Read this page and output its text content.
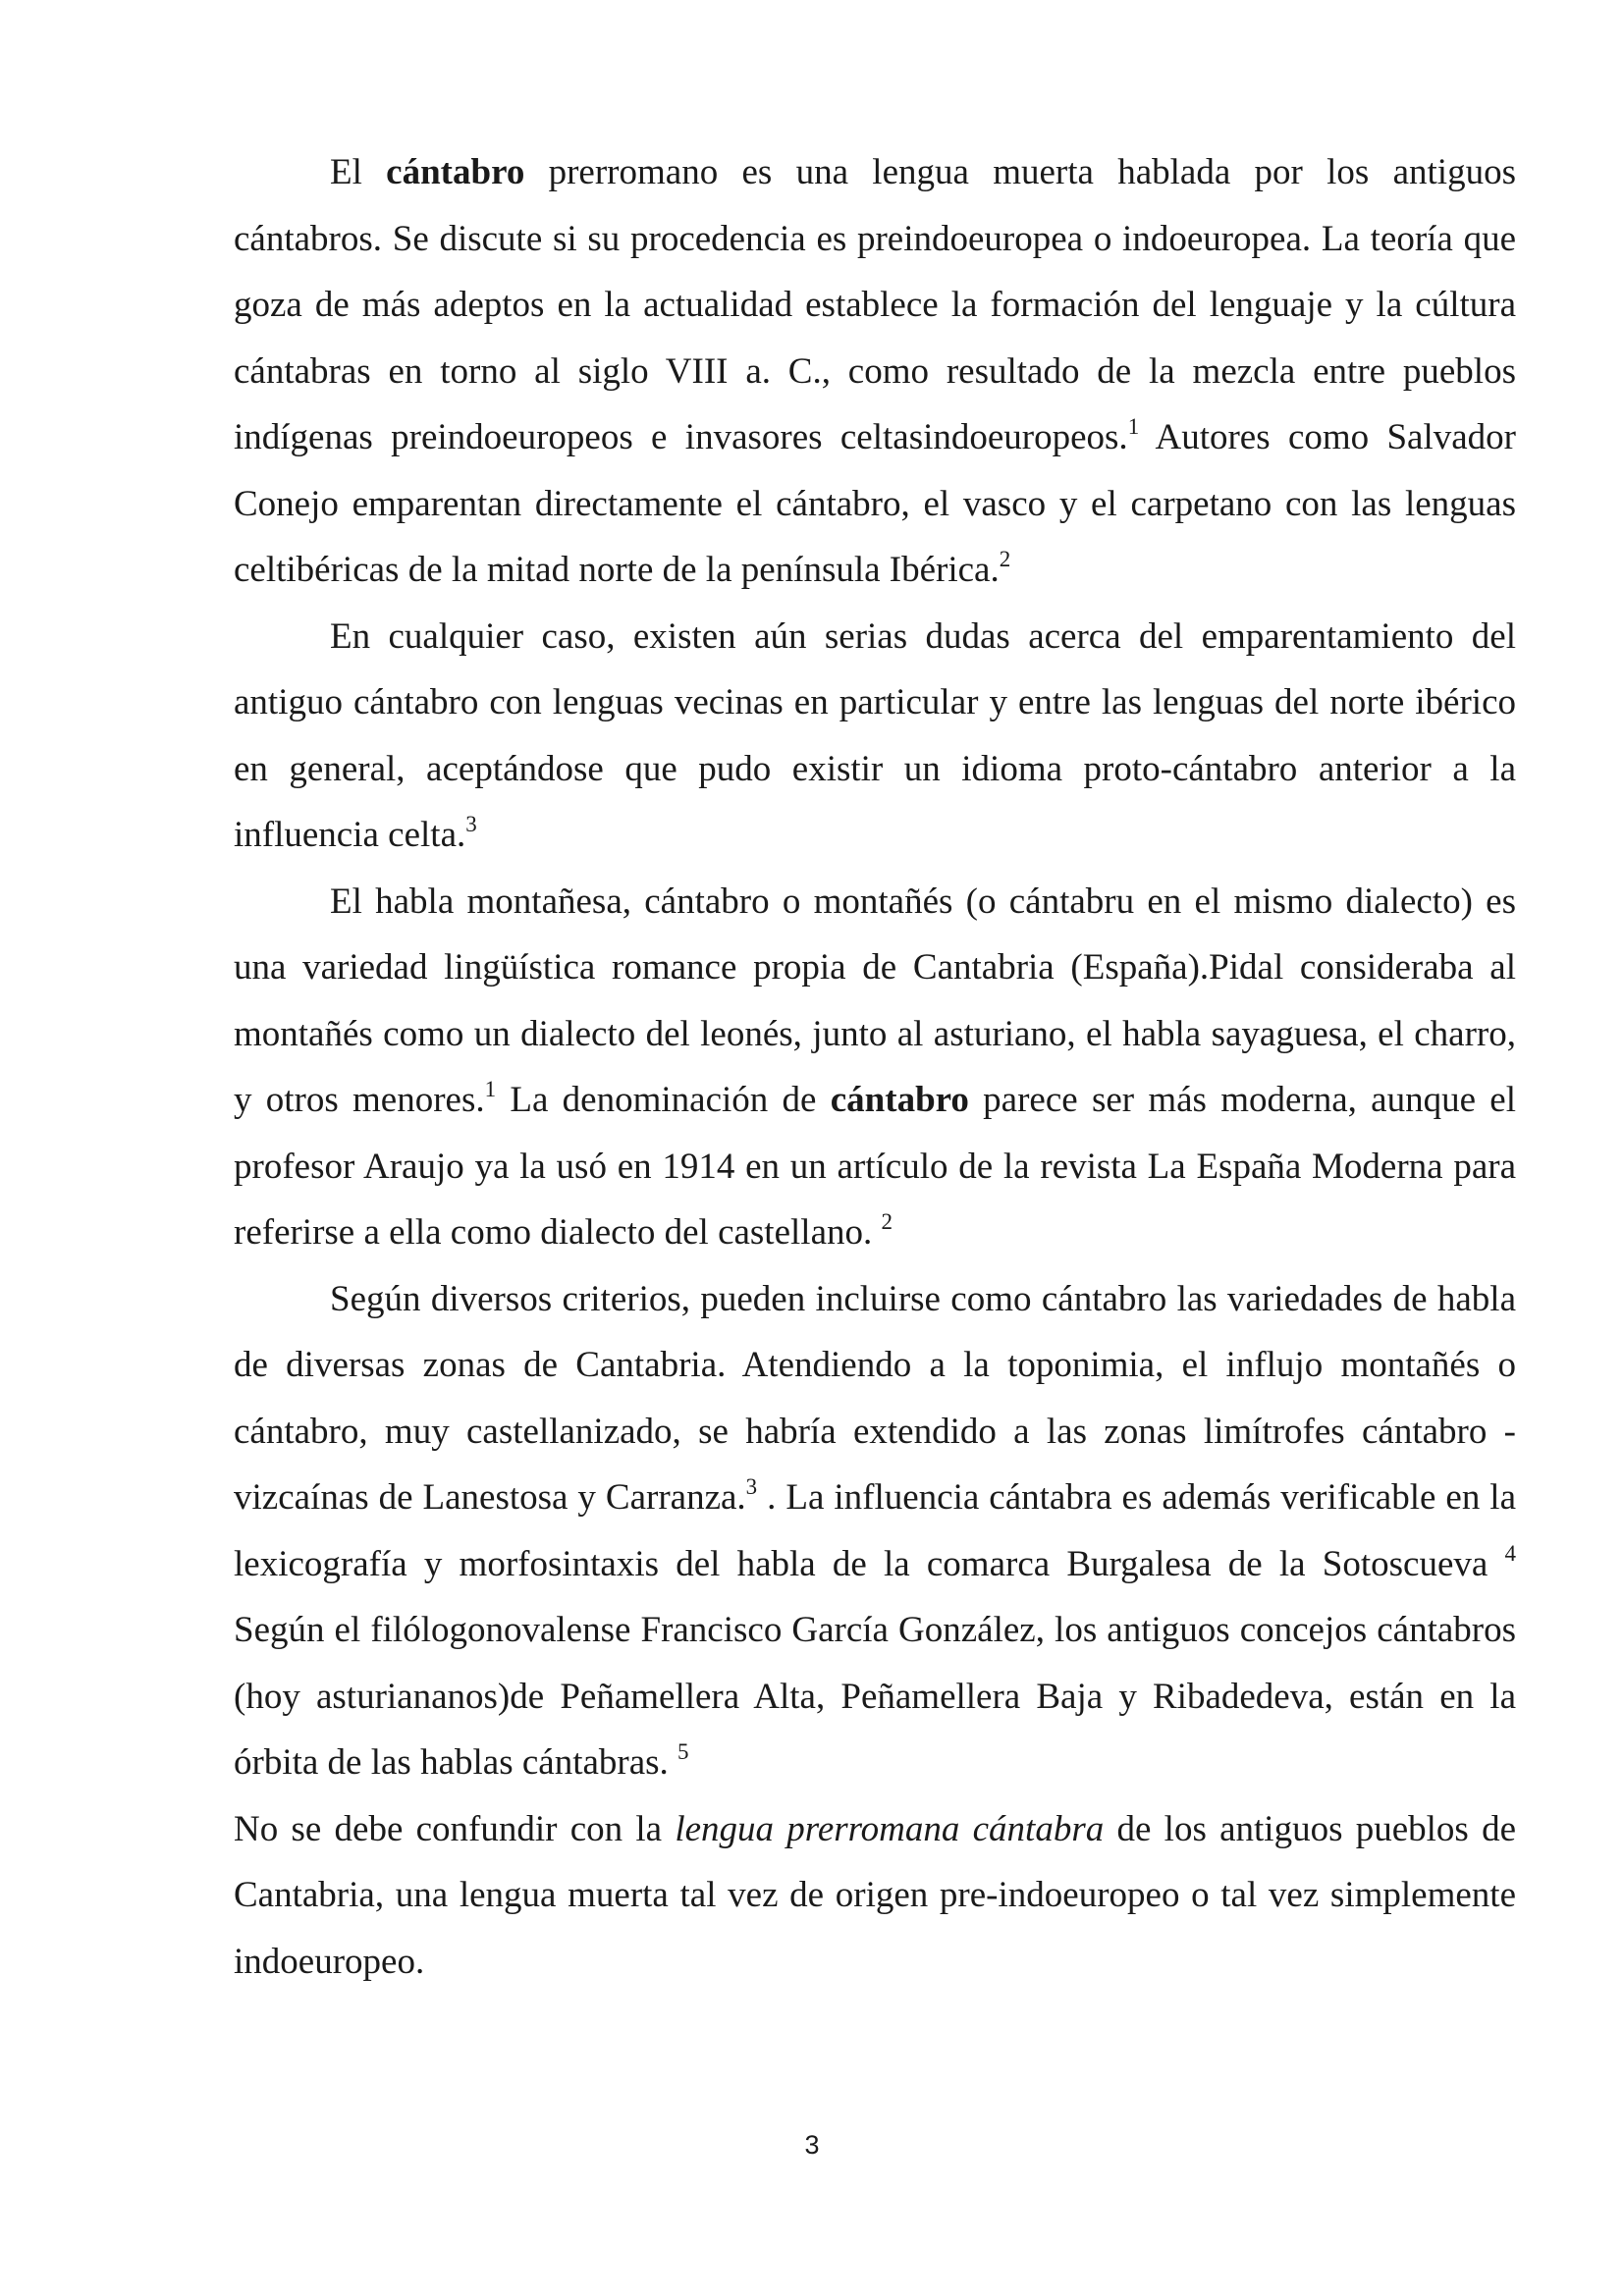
El cántabro prerromano es una lengua muerta hablada por los antiguos cántabros. Se discute si su procedencia es preindoeuropea o indoeuropea. La teoría que goza de más adeptos en la actualidad establece la formación del lenguaje y la cúltura cántabras en torno al siglo VIII a. C., como resultado de la mezcla entre pueblos indígenas preindoeuropeos e invasores celtasindoeuropeos.$^1$ Autores como Salvador Conejo emparentan directamente el cántabro, el vasco y el carpetano con las lenguas celtibéricas de la mitad norte de la península Ibérica.$^2$

En cualquier caso, existen aún serias dudas acerca del emparentamiento del antiguo cántabro con lenguas vecinas en particular y entre las lenguas del norte ibérico en general, aceptándose que pudo existir un idioma proto-cántabro anterior a la influencia celta.$^3$

El habla montañesa, cántabro o montañés (o cántabru en el mismo dialecto) es una variedad lingüística romance propia de Cantabria (España).Pidal consideraba al montañés como un dialecto del leonés, junto al asturiano, el habla sayaguesa, el charro, y otros menores.$^1$ La denominación de cántabro parece ser más moderna, aunque el profesor Araujo ya la usó en 1914 en un artículo de la revista La España Moderna para referirse a ella como dialecto del castellano. $^2$

Según diversos criterios, pueden incluirse como cántabro las variedades de habla de diversas zonas de Cantabria. Atendiendo a la toponimia, el influjo montañés o cántabro, muy castellanizado, se habría extendido a las zonas limítrofes cántabro -vizcaínas de Lanestosa y Carranza.$^3$ . La influencia cántabra es además verificable en la lexicografía y morfosintaxis del habla de la comarca Burgalesa de la Sotoscueva $^4$ Según el filólogonovalense Francisco García González, los antiguos concejos cántabros (hoy asturiananos)de Peñamellera Alta, Peñamellera Baja y Ribadedeva, están en la órbita de las hablas cántabras. $^5$

No se debe confundir con la lengua prerromana cántabra de los antiguos pueblos de Cantabria, una lengua muerta tal vez de origen pre-indoeuropeo o tal vez simplemente indoeuropeo.

3
